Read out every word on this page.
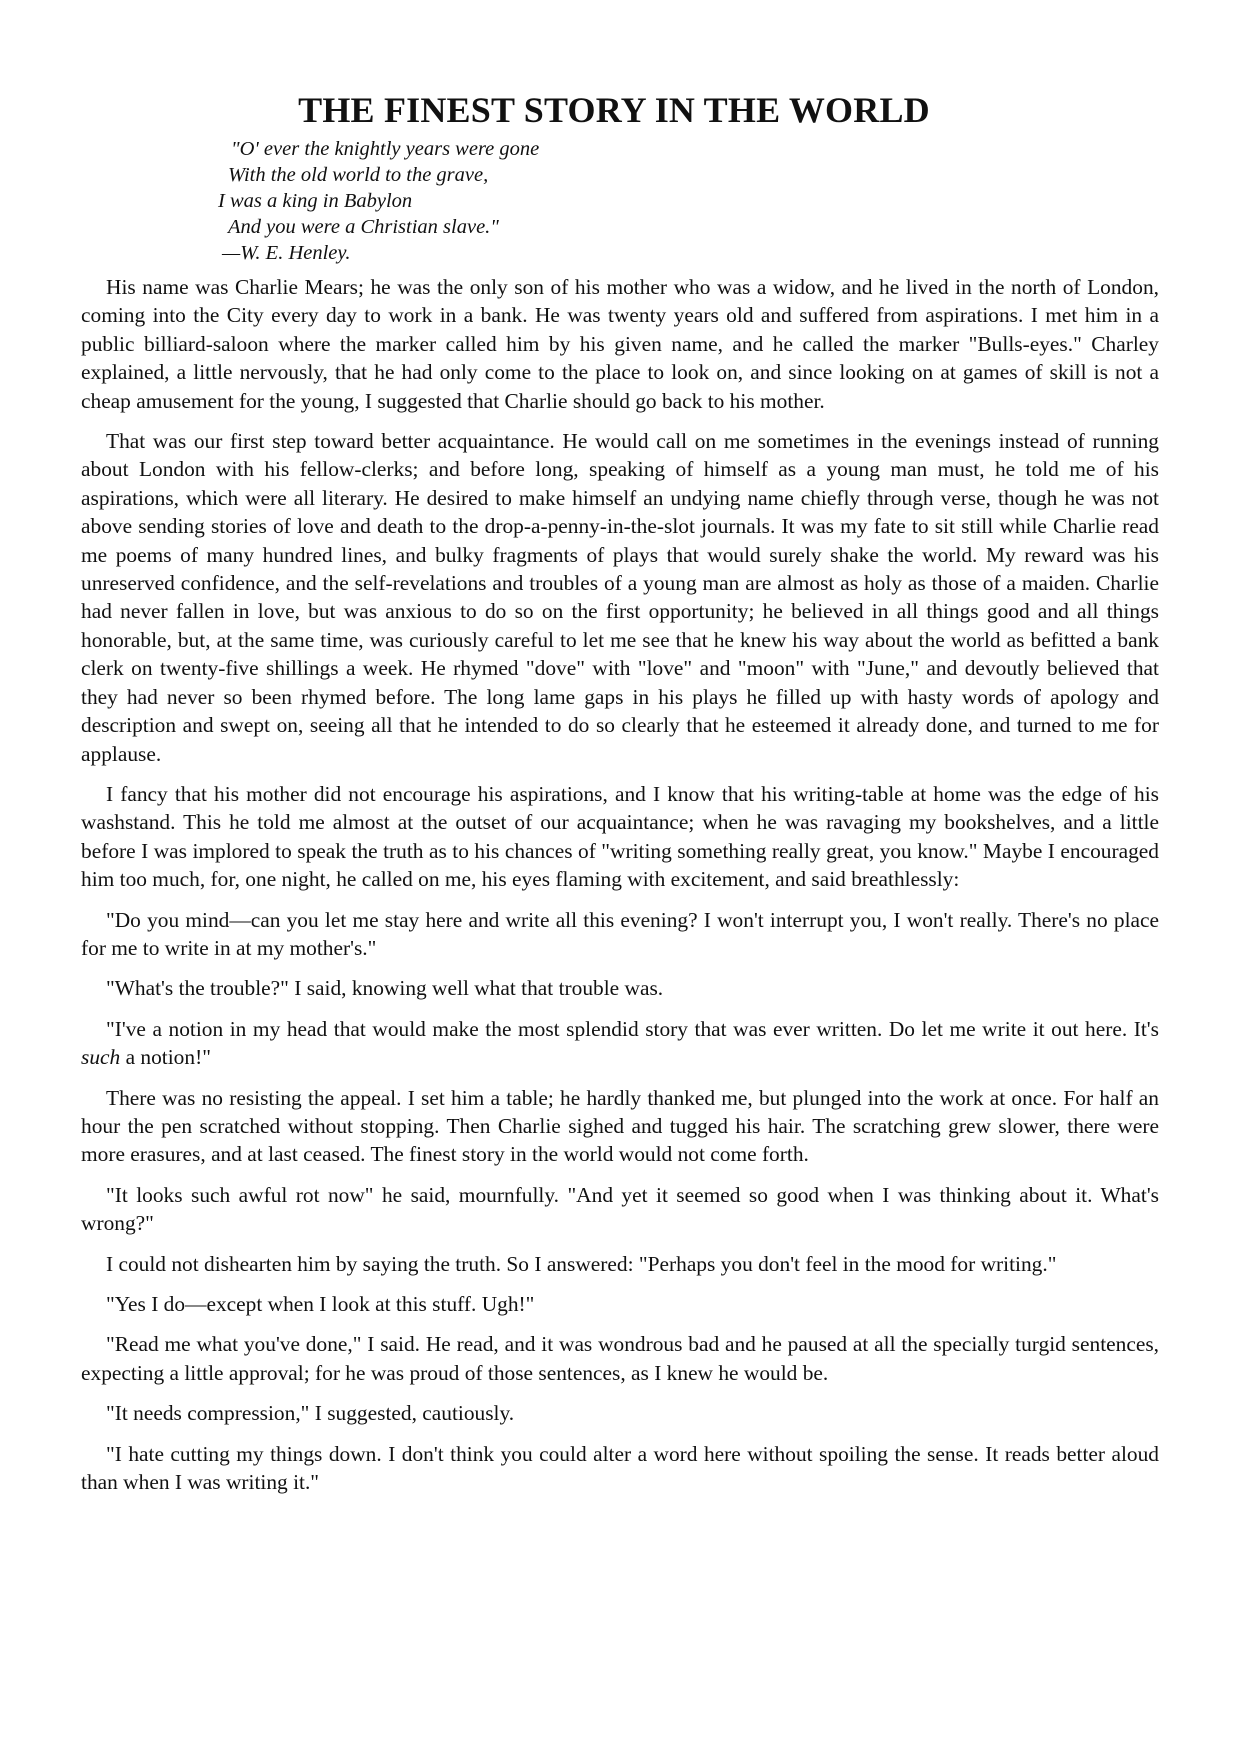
THE FINEST STORY IN THE WORLD
"O' ever the knightly years were gone
With the old world to the grave,
I was a king in Babylon
And you were a Christian slave."
—W. E. Henley.

His name was Charlie Mears; he was the only son of his mother who was a widow, and he lived in the north of London, coming into the City every day to work in a bank. He was twenty years old and suffered from aspirations. I met him in a public billiard-saloon where the marker called him by his given name, and he called the marker "Bulls-eyes." Charley explained, a little nervously, that he had only come to the place to look on, and since looking on at games of skill is not a cheap amusement for the young, I suggested that Charlie should go back to his mother.

That was our first step toward better acquaintance. He would call on me sometimes in the evenings instead of running about London with his fellow-clerks; and before long, speaking of himself as a young man must, he told me of his aspirations, which were all literary. He desired to make himself an undying name chiefly through verse, though he was not above sending stories of love and death to the drop-a-penny-in-the-slot journals. It was my fate to sit still while Charlie read me poems of many hundred lines, and bulky fragments of plays that would surely shake the world. My reward was his unreserved confidence, and the self-revelations and troubles of a young man are almost as holy as those of a maiden. Charlie had never fallen in love, but was anxious to do so on the first opportunity; he believed in all things good and all things honorable, but, at the same time, was curiously careful to let me see that he knew his way about the world as befitted a bank clerk on twenty-five shillings a week. He rhymed "dove" with "love" and "moon" with "June," and devoutly believed that they had never so been rhymed before. The long lame gaps in his plays he filled up with hasty words of apology and description and swept on, seeing all that he intended to do so clearly that he esteemed it already done, and turned to me for applause.

I fancy that his mother did not encourage his aspirations, and I know that his writing-table at home was the edge of his washstand. This he told me almost at the outset of our acquaintance; when he was ravaging my bookshelves, and a little before I was implored to speak the truth as to his chances of "writing something really great, you know." Maybe I encouraged him too much, for, one night, he called on me, his eyes flaming with excitement, and said breathlessly:

"Do you mind—can you let me stay here and write all this evening? I won't interrupt you, I won't really. There's no place for me to write in at my mother's."

"What's the trouble?" I said, knowing well what that trouble was.

"I've a notion in my head that would make the most splendid story that was ever written. Do let me write it out here. It's such a notion!"

There was no resisting the appeal. I set him a table; he hardly thanked me, but plunged into the work at once. For half an hour the pen scratched without stopping. Then Charlie sighed and tugged his hair. The scratching grew slower, there were more erasures, and at last ceased. The finest story in the world would not come forth.

"It looks such awful rot now" he said, mournfully. "And yet it seemed so good when I was thinking about it. What's wrong?"

I could not dishearten him by saying the truth. So I answered: "Perhaps you don't feel in the mood for writing."

"Yes I do—except when I look at this stuff. Ugh!"

"Read me what you've done," I said. He read, and it was wondrous bad and he paused at all the specially turgid sentences, expecting a little approval; for he was proud of those sentences, as I knew he would be.

"It needs compression," I suggested, cautiously.

"I hate cutting my things down. I don't think you could alter a word here without spoiling the sense. It reads better aloud than when I was writing it."
